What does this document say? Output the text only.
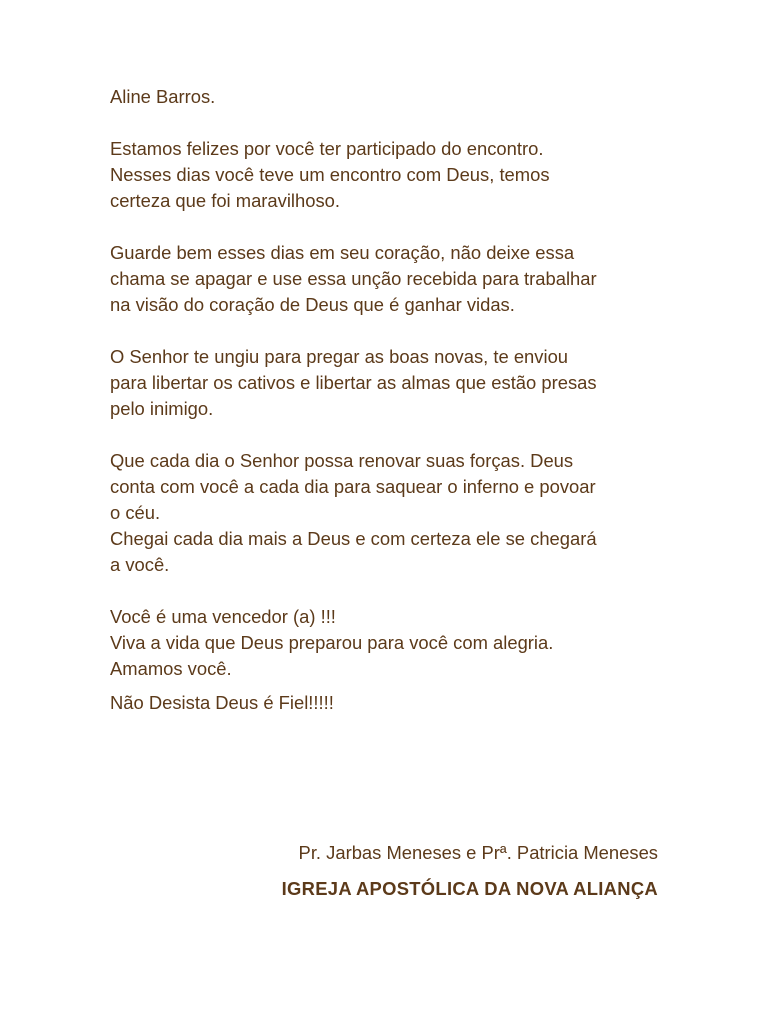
Aline Barros.

Estamos felizes por você ter participado do encontro.

Nesses dias você teve um encontro com Deus, temos

certeza que foi maravilhoso.

Guarde bem esses dias em seu coração, não deixe essa

chama se apagar e use essa unção recebida para trabalhar

na visão do coração de Deus que é ganhar vidas.

O Senhor te ungiu para pregar as boas novas, te enviou

para libertar os cativos e libertar as almas que estão presas

pelo inimigo.

Que cada dia o Senhor possa renovar suas forças. Deus

conta com você a cada dia para saquear o inferno e povoar

o céu.

Chegai cada dia mais a Deus e com certeza ele se chegará

a você.

Você é uma vencedor (a) !!!

Viva a vida que Deus preparou para você com alegria.

Amamos você.

Não Desista Deus é Fiel!!!!!

Pr. Jarbas Meneses e Prª. Patricia Meneses

IGREJA APOSTÓLICA DA NOVA ALIANÇA
